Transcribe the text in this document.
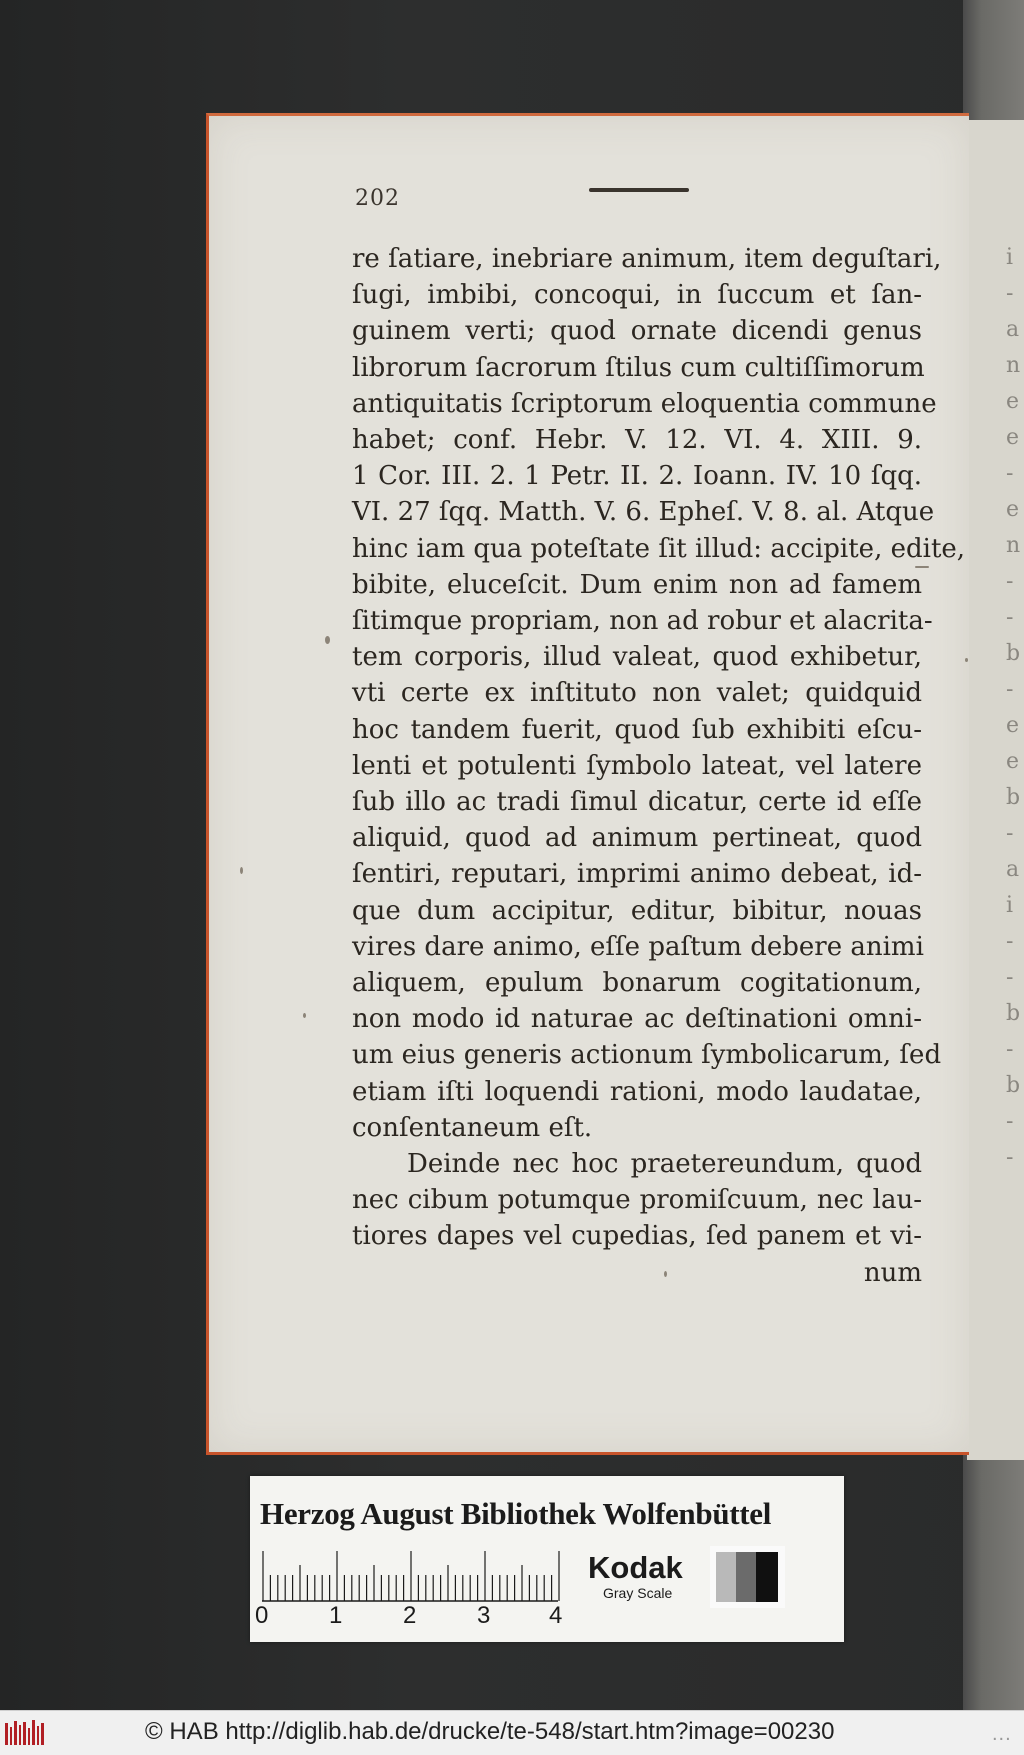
i
-
a
n
e
e
-
e
n
-
-
b
-
e
e
b
-
a
i
-
-
b
-
b
-
-
202
re ſatiare, inebriare animum, item deguſtari,
ſugi, imbibi, concoqui, in ſuccum et ſan-
guinem verti; quod ornate dicendi genus
librorum ſacrorum ſtilus cum cultiſſimorum
antiquitatis ſcriptorum eloquentia commune
habet; conf. Hebr. V. 12. VI. 4. XIII. 9.
1 Cor. III. 2. 1 Petr. II. 2. Ioann. IV. 10 ſqq.
VI. 27 ſqq. Matth. V. 6. Epheſ. V. 8. al. Atque
hinc iam qua poteſtate ſit illud: accipite, edite,
bibite, eluceſcit. Dum enim non ad famem
ſitimque propriam, non ad robur et alacrita-
tem corporis, illud valeat, quod exhibetur,
vti certe ex inſtituto non valet; quidquid
hoc tandem fuerit, quod ſub exhibiti eſcu-
lenti et potulenti ſymbolo lateat, vel latere
ſub illo ac tradi ſimul dicatur, certe id eſſe
aliquid, quod ad animum pertineat, quod
ſentiri, reputari, imprimi animo debeat, id-
que dum accipitur, editur, bibitur, nouas
vires dare animo, eſſe paſtum debere animi
aliquem, epulum bonarum cogitationum,
non modo id naturae ac deſtinationi omni-
um eius generis actionum ſymbolicarum, ſed
etiam iſti loquendi rationi, modo laudatae,
conſentaneum eſt.
Deinde nec hoc praetereundum, quod
nec cibum potumque promiſcuum, nec lau-
tiores dapes vel cupedias, ſed panem et vi-
num
Herzog August Bibliothek Wolfenbüttel
0	1	2	3 4
Kodak
Gray Scale
© HAB http://diglib.hab.de/drucke/te-548/start.htm?image=00230	...
